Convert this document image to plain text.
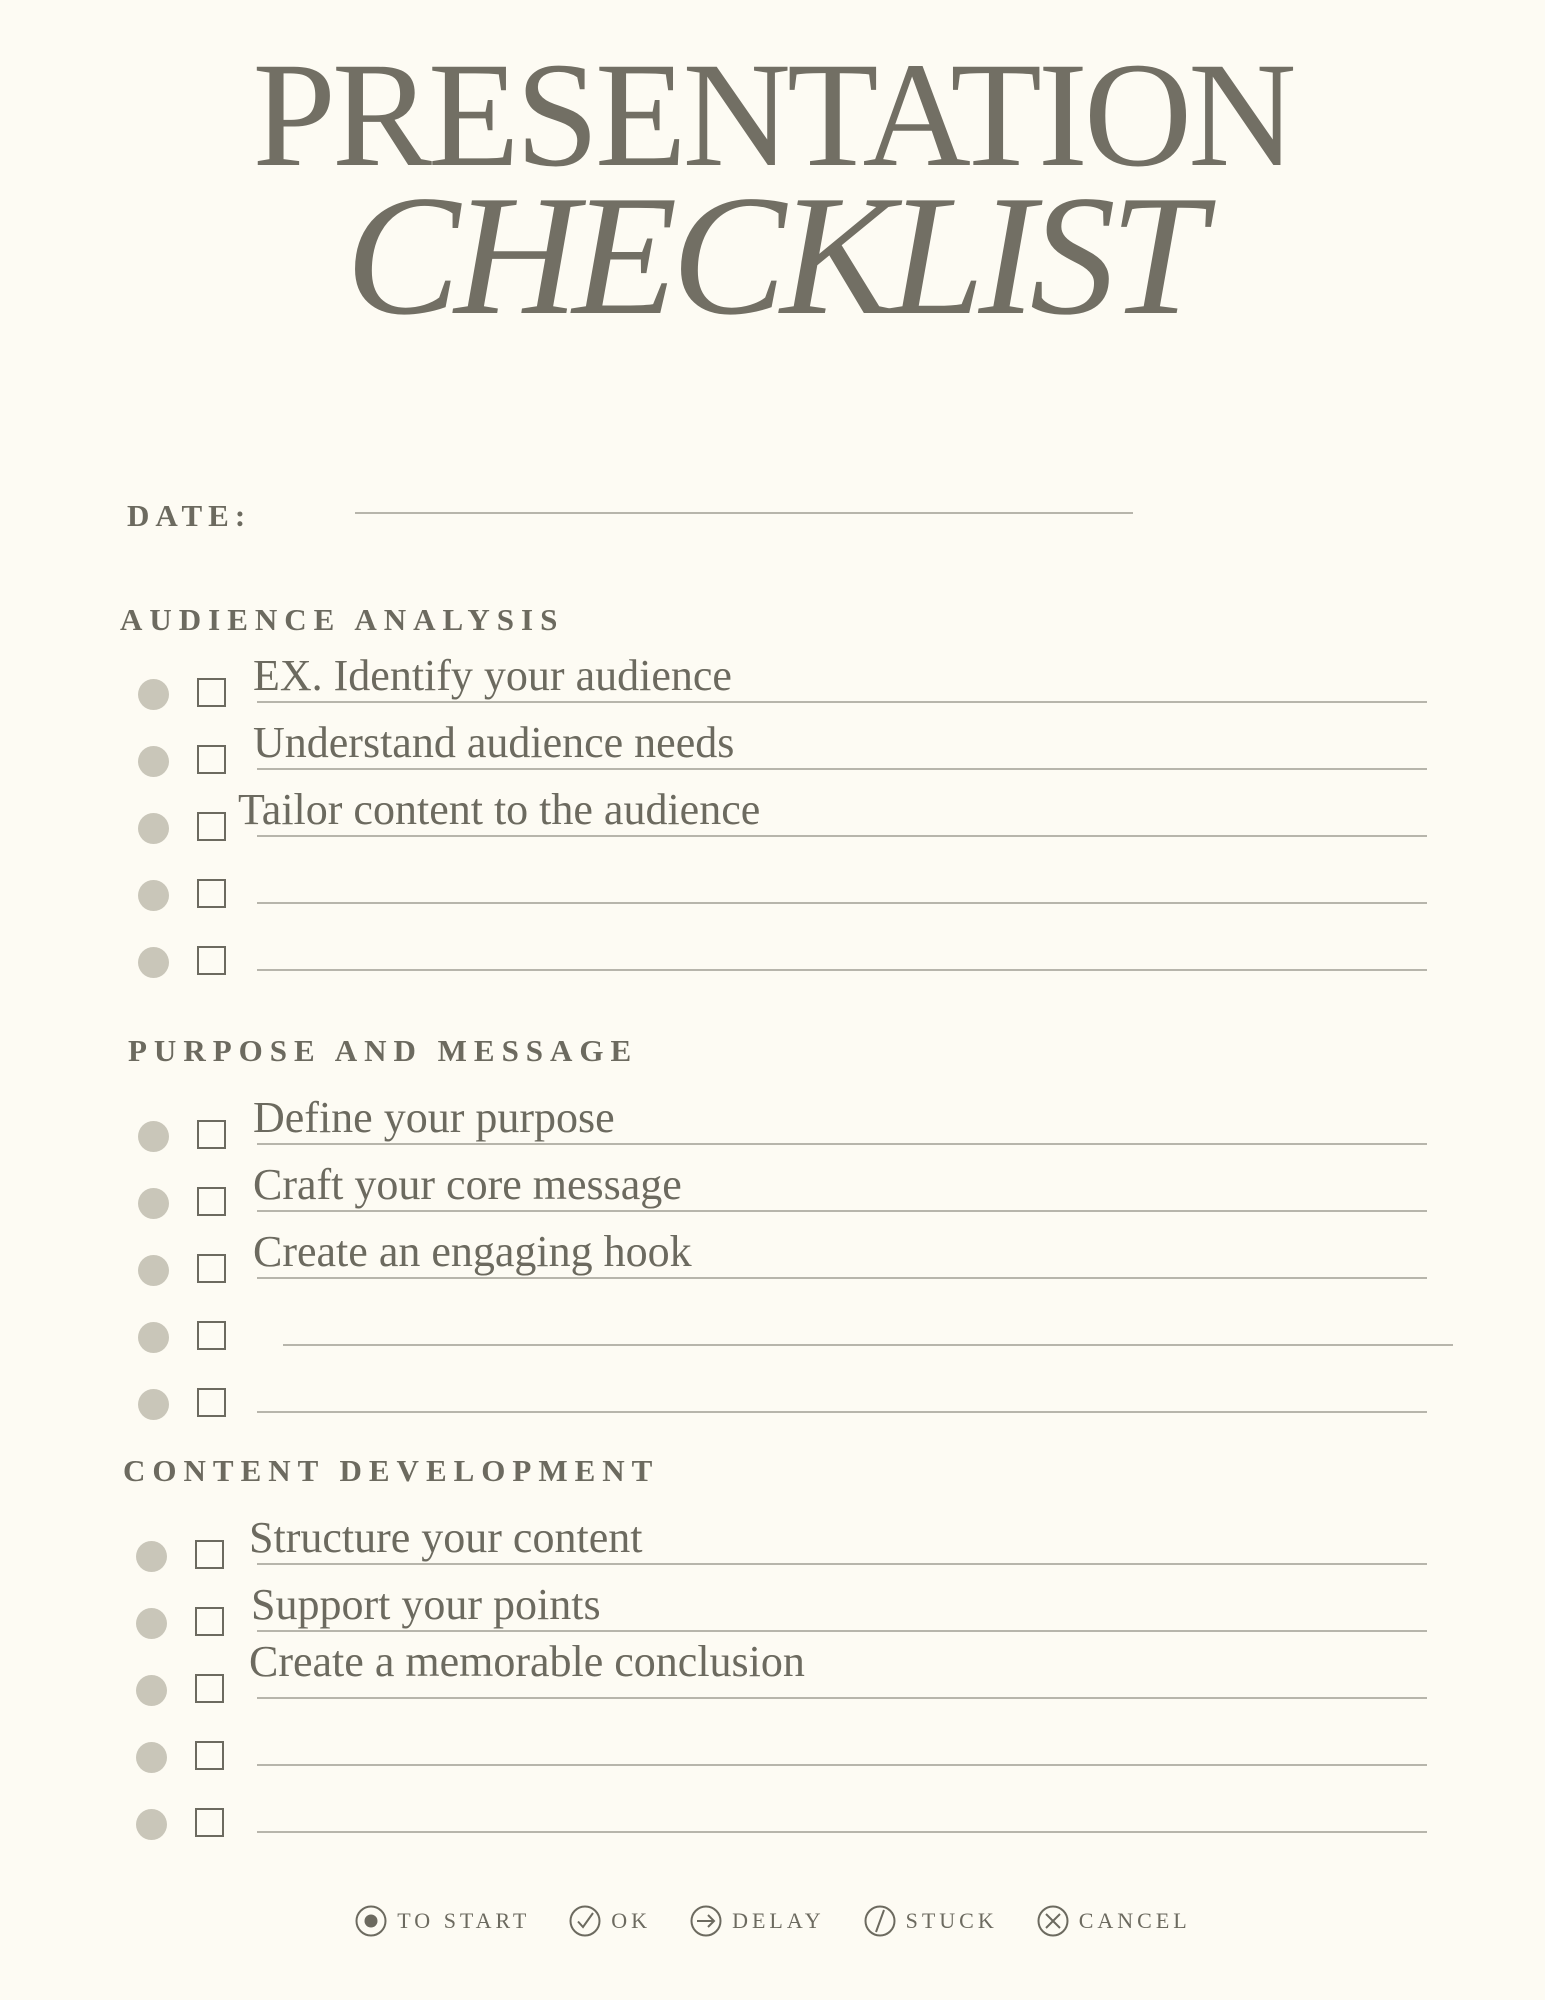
PRESENTATION
CHECKLIST
DATE:
AUDIENCE ANALYSIS
EX. Identify your audience
Understand audience needs
Tailor content to the audience
PURPOSE AND MESSAGE
Define your purpose
Craft your core message
Create an engaging hook
CONTENT DEVELOPMENT
Structure your content
Support your points
Create a memorable conclusion
TO START	OK	DELAY	STUCK	CANCEL
